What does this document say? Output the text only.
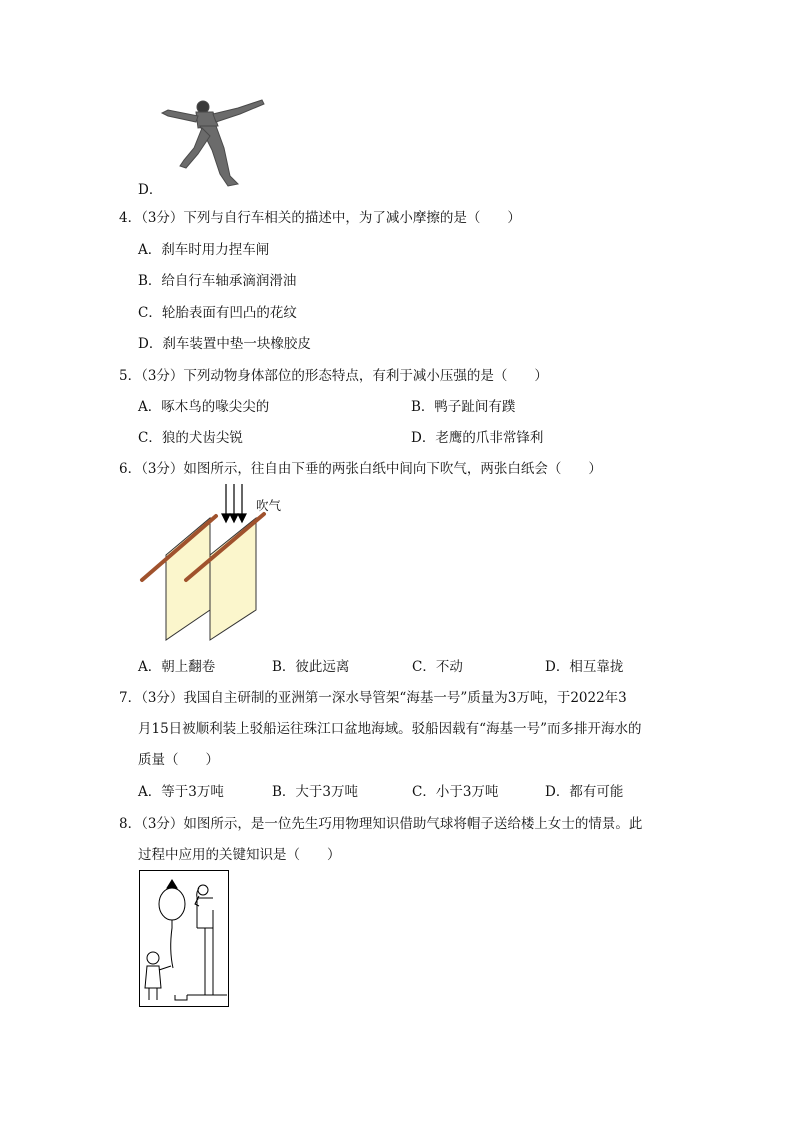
D．
4．（3分）下列与自行车相关的描述中，为了减小摩擦的是（　　）
A．刹车时用力捏车闸
B．给自行车轴承滴润滑油
C．轮胎表面有凹凸的花纹
D．刹车装置中垫一块橡胶皮
5．（3分）下列动物身体部位的形态特点，有利于减小压强的是（　　）
A．啄木鸟的喙尖尖的	B．鸭子趾间有蹼
C．狼的犬齿尖锐	D．老鹰的爪非常锋利
6．（3分）如图所示，往自由下垂的两张白纸中间向下吹气，两张白纸会（　　）
吹气
A．朝上翻卷	B．彼此远离	C．不动	D．相互靠拢
7．（3分）我国自主研制的亚洲第一深水导管架“海基一号”质量为3万吨，于2022年3
月15日被顺利装上驳船运往珠江口盆地海域。驳船因载有“海基一号”而多排开海水的
质量（　　）
A．等于3万吨	B．大于3万吨	C．小于3万吨	D．都有可能
8．（3分）如图所示，是一位先生巧用物理知识借助气球将帽子送给楼上女士的情景。此
过程中应用的关键知识是（　　）
